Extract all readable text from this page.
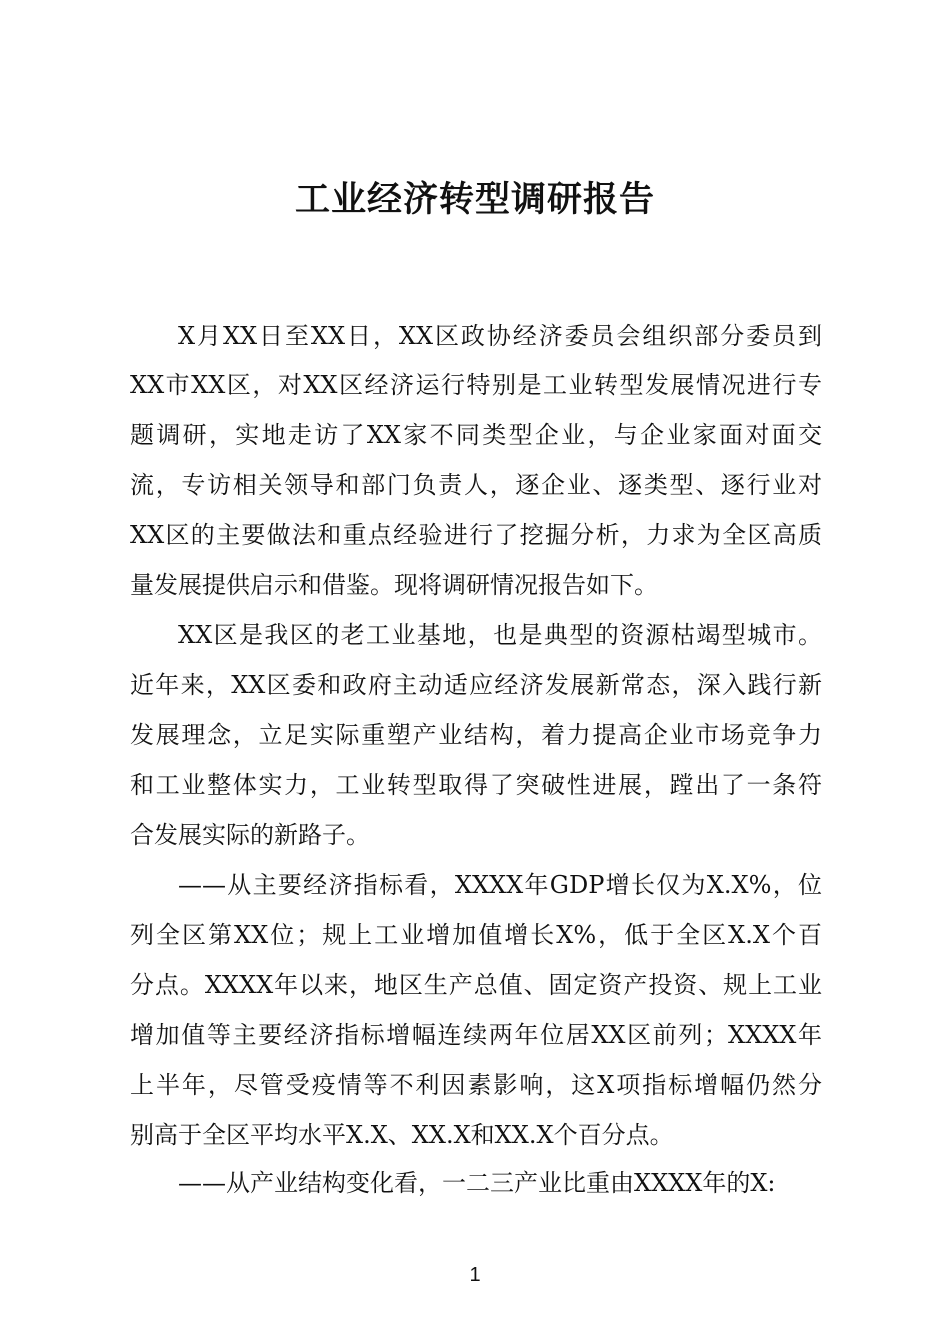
工业经济转型调研报告
X月XX日至XX日，XX区政协经济委员会组织部分委员到
XX市XX区，对XX区经济运行特别是工业转型发展情况进行专
题调研，实地走访了XX家不同类型企业，与企业家面对面交
流，专访相关领导和部门负责人，逐企业、逐类型、逐行业对
XX区的主要做法和重点经验进行了挖掘分析，力求为全区高质
量发展提供启示和借鉴。现将调研情况报告如下。
XX区是我区的老工业基地，也是典型的资源枯竭型城市。
近年来，XX区委和政府主动适应经济发展新常态，深入践行新
发展理念，立足实际重塑产业结构，着力提高企业市场竞争力
和工业整体实力，工业转型取得了突破性进展，蹚出了一条符
合发展实际的新路子。
——从主要经济指标看，XXXX年GDP增长仅为X.X%，位
列全区第XX位；规上工业增加值增长X%，低于全区X.X个百
分点。XXXX年以来，地区生产总值、固定资产投资、规上工业
增加值等主要经济指标增幅连续两年位居XX区前列；XXXX年
上半年，尽管受疫情等不利因素影响，这X项指标增幅仍然分
别高于全区平均水平X.X、XX.X和XX.X个百分点。
——从产业结构变化看，一二三产业比重由XXXX年的X:
1
